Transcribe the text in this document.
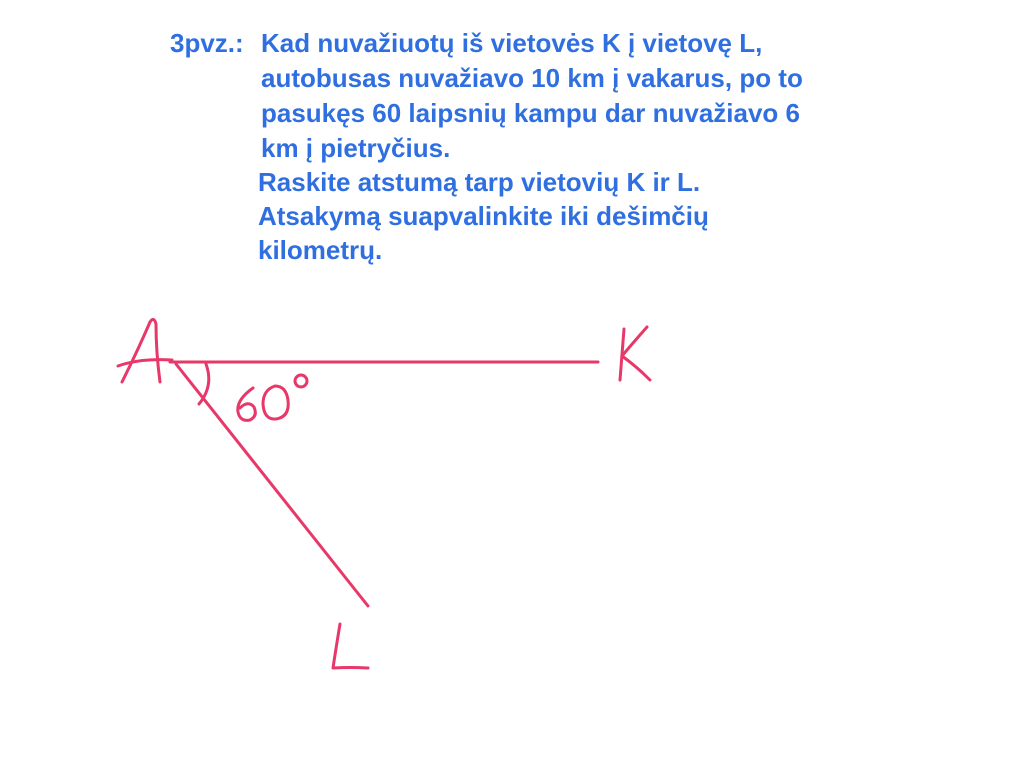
3pvz.: Kad nuvažiuotų iš vietovės K į vietovę L,

autobusas nuvažiavo 10 km į vakarus, po to

pasukęs 60 laipsnių kampu dar nuvažiavo 6

km į pietryčius.

Raskite atstumą tarp vietovių K ir L.

Atsakymą suapvalinkite iki dešimčių

kilometrų.

A	K
L
60°
